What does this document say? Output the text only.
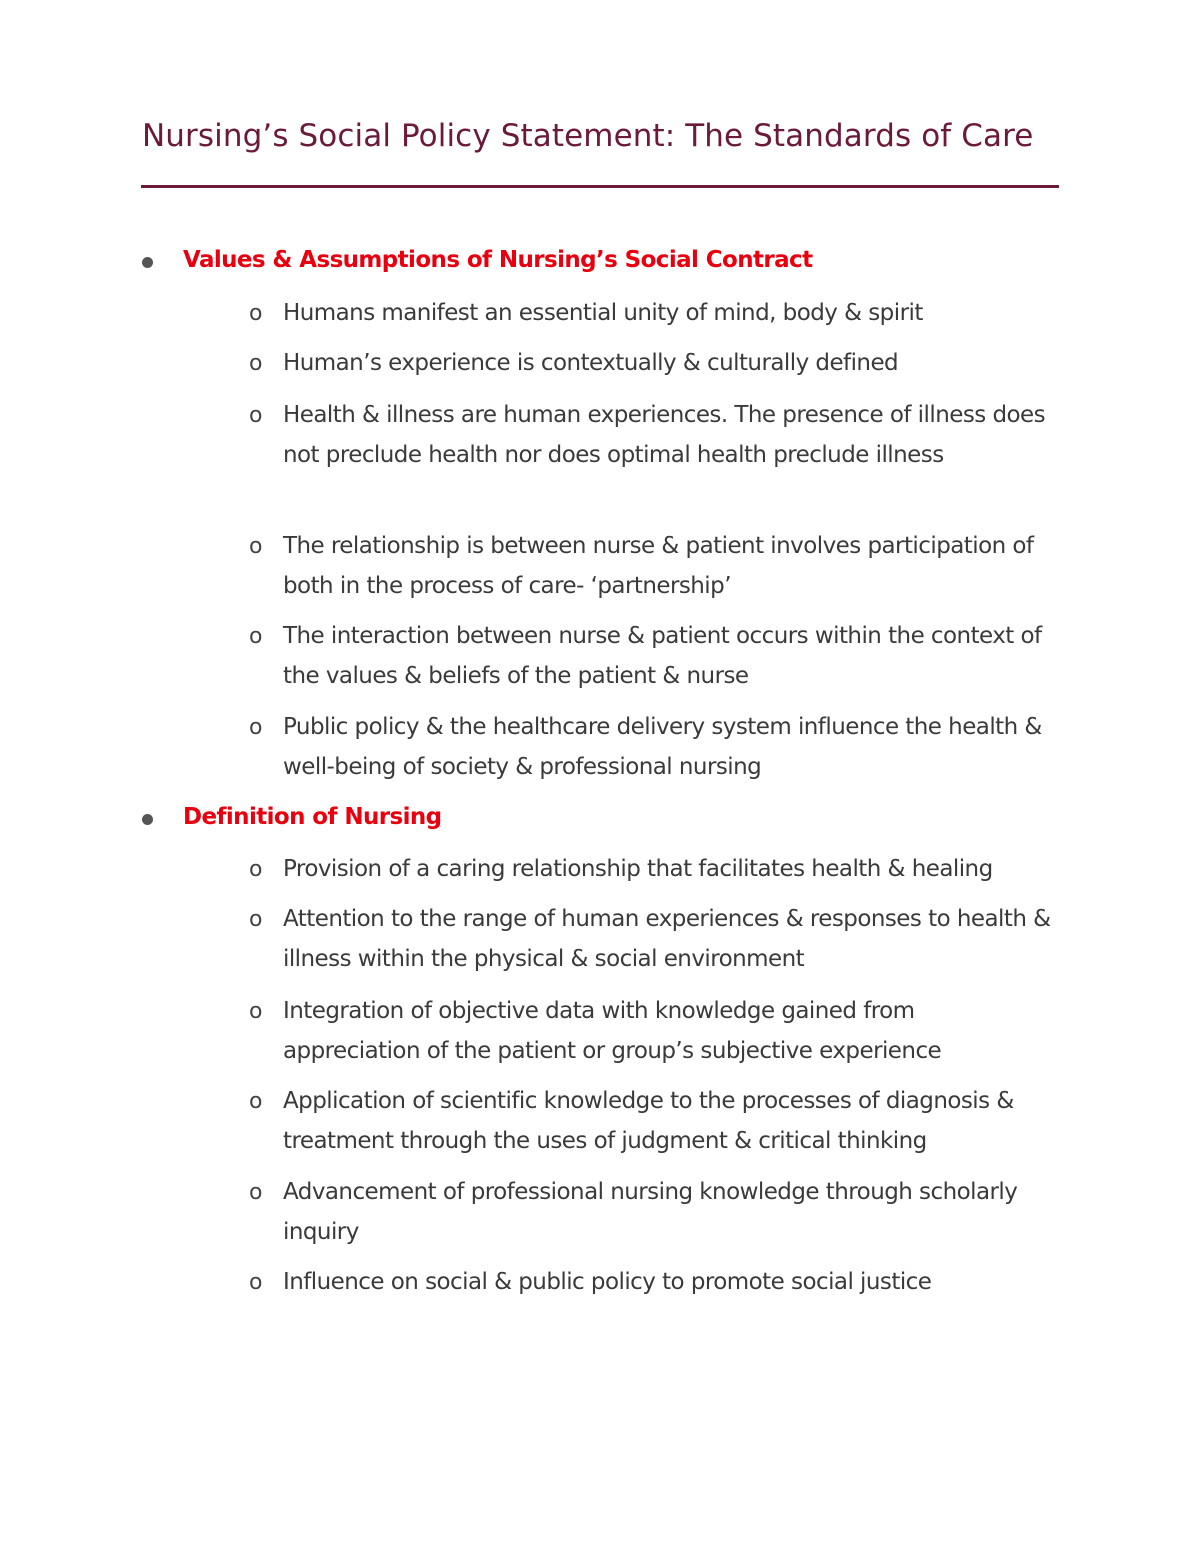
Nursing’s Social Policy Statement: The Standards of Care
Values & Assumptions of Nursing’s Social Contract
o Humans manifest an essential unity of mind, body & spirit
o Human’s experience is contextually & culturally defined
o Health & illness are human experiences. The presence of illness does not preclude health nor does optimal health preclude illness
o The relationship is between nurse & patient involves participation of both in the process of care- ‘partnership’
o The interaction between nurse & patient occurs within the context of the values & beliefs of the patient & nurse
o Public policy & the healthcare delivery system influence the health & well-being of society & professional nursing
Definition of Nursing
o Provision of a caring relationship that facilitates health & healing
o Attention to the range of human experiences & responses to health & illness within the physical & social environment
o Integration of objective data with knowledge gained from appreciation of the patient or group’s subjective experience
o Application of scientific knowledge to the processes of diagnosis & treatment through the uses of judgment & critical thinking
o Advancement of professional nursing knowledge through scholarly inquiry
o Influence on social & public policy to promote social justice
